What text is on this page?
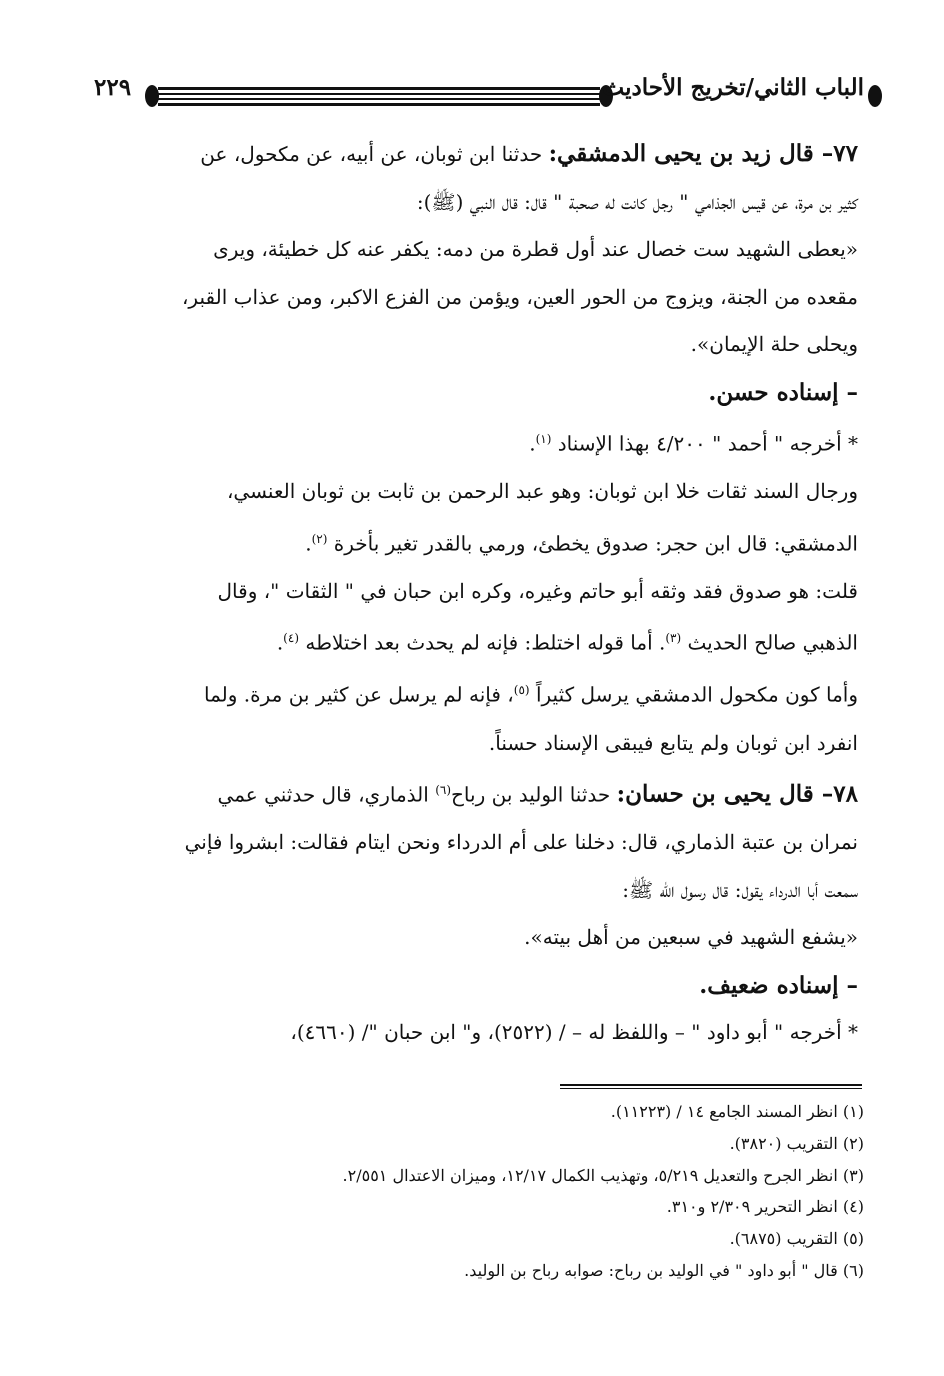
الباب الثاني/تخريج الأحاديث
٢٢٩

٧٧– قال زيد بن يحيى الدمشقي: حدثنا ابن ثوبان، عن أبيه، عن مكحول، عن

كثير بن مرة، عن قيس الجذامي " رجل كانت له صحبة " قال: قال النبي (ﷺ):

«يعطى الشهيد ست خصال عند أول قطرة من دمه: يكفر عنه كل خطيئة، ويرى

مقعده من الجنة، ويزوج من الحور العين، ويؤمن من الفزع الاكبر، ومن عذاب القبر،

ويحلى حلة الإيمان».

– إسناده حسن.

* أخرجه " أحمد " ٤/٢٠٠ بهذا الإسناد $^{(١)}$.

ورجال السند ثقات خلا ابن ثوبان: وهو عبد الرحمن بن ثابت بن ثوبان العنسي،

الدمشقي: قال ابن حجر: صدوق يخطئ، ورمي بالقدر تغير بأخرة $^{(٢)}$.

قلت: هو صدوق فقد وثقه أبو حاتم وغيره، وكره ابن حبان في " الثقات "، وقال

الذهبي صالح الحديث $^{(٣)}$. أما قوله اختلط: فإنه لم يحدث بعد اختلاطه $^{(٤)}$.

وأما كون مكحول الدمشقي يرسل كثيراً $^{(٥)}$، فإنه لم يرسل عن كثير بن مرة. ولما

انفرد ابن ثوبان ولم يتابع فيبقى الإسناد حسناً.

٧٨– قال يحيى بن حسان: حدثنا الوليد بن رباح$^{(٦)}$ الذماري، قال حدثني عمي

نمران بن عتبة الذماري، قال: دخلنا على أم الدرداء ونحن ايتام فقالت: ابشروا فإني

سمعت أبا الدرداء يقول: قال رسول الله ﷺ:

«يشفع الشهيد في سبعين من أهل بيته».

– إسناده ضعيف.

* أخرجه " أبو داود " – واللفظ له – / (٢٥٢٢)، و" ابن حبان "/ (٤٦٦٠)،

(١) انظر المسند الجامع ١٤ / (١١٢٢٣).

(٢) التقريب (٣٨٢٠).

(٣) انظر الجرح والتعديل ٥/٢١٩، وتهذيب الكمال ١٢/١٧، وميزان الاعتدال ٢/٥٥١.

(٤) انظر التحرير ٢/٣٠٩ و٣١٠.

(٥) التقريب (٦٨٧٥).

(٦) قال " أبو داود " في الوليد بن رباح: صوابه رباح بن الوليد.
